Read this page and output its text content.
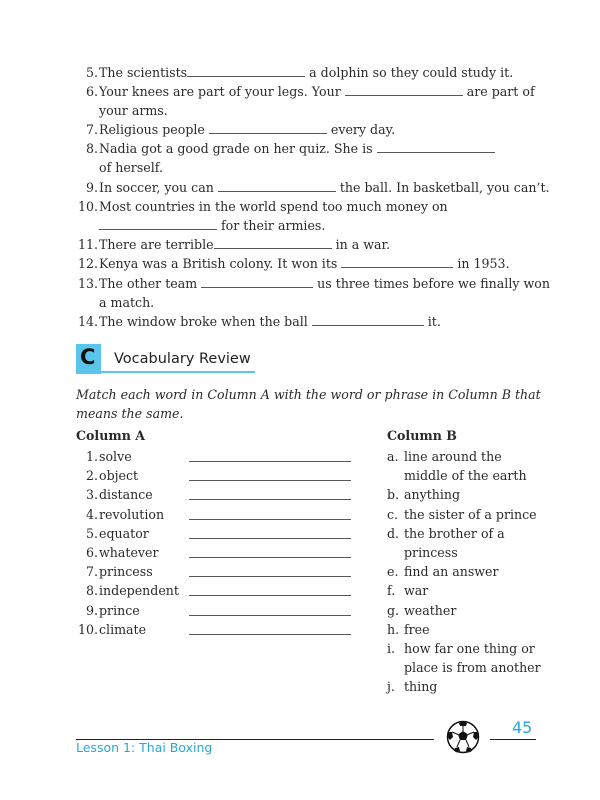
5. The scientists	a dolphin so they could study it.
6. Your knees are part of your legs. Your	are part of
your arms.
7. Religious people	every day.
8. Nadia got a good grade on her quiz. She is
of herself.
9. In soccer, you can	the ball. In basketball, you can’t.
10. Most countries in the world spend too much money on
for their armies.
11. There are terrible	in a war.
12. Kenya was a British colony. It won its	in 1953.
13. The other team	us three times before we finally won
a match.
14. The window broke when the ball	it.
C Vocabulary Review
Match each word in Column A with the word or phrase in Column B that means the same.
Column A
1. solve
2. object
3. distance
4. revolution
5. equator
6. whatever
7. princess
8. independent
9. prince
10. climate
Column B
a. line around the
middle of the earth
b. anything
c. the sister of a prince
d. the brother of a
princess
e. find an answer
f. war
g. weather
h. free
i. how far one thing or
place is from another
j. thing
Lesson 1: Thai Boxing
45
